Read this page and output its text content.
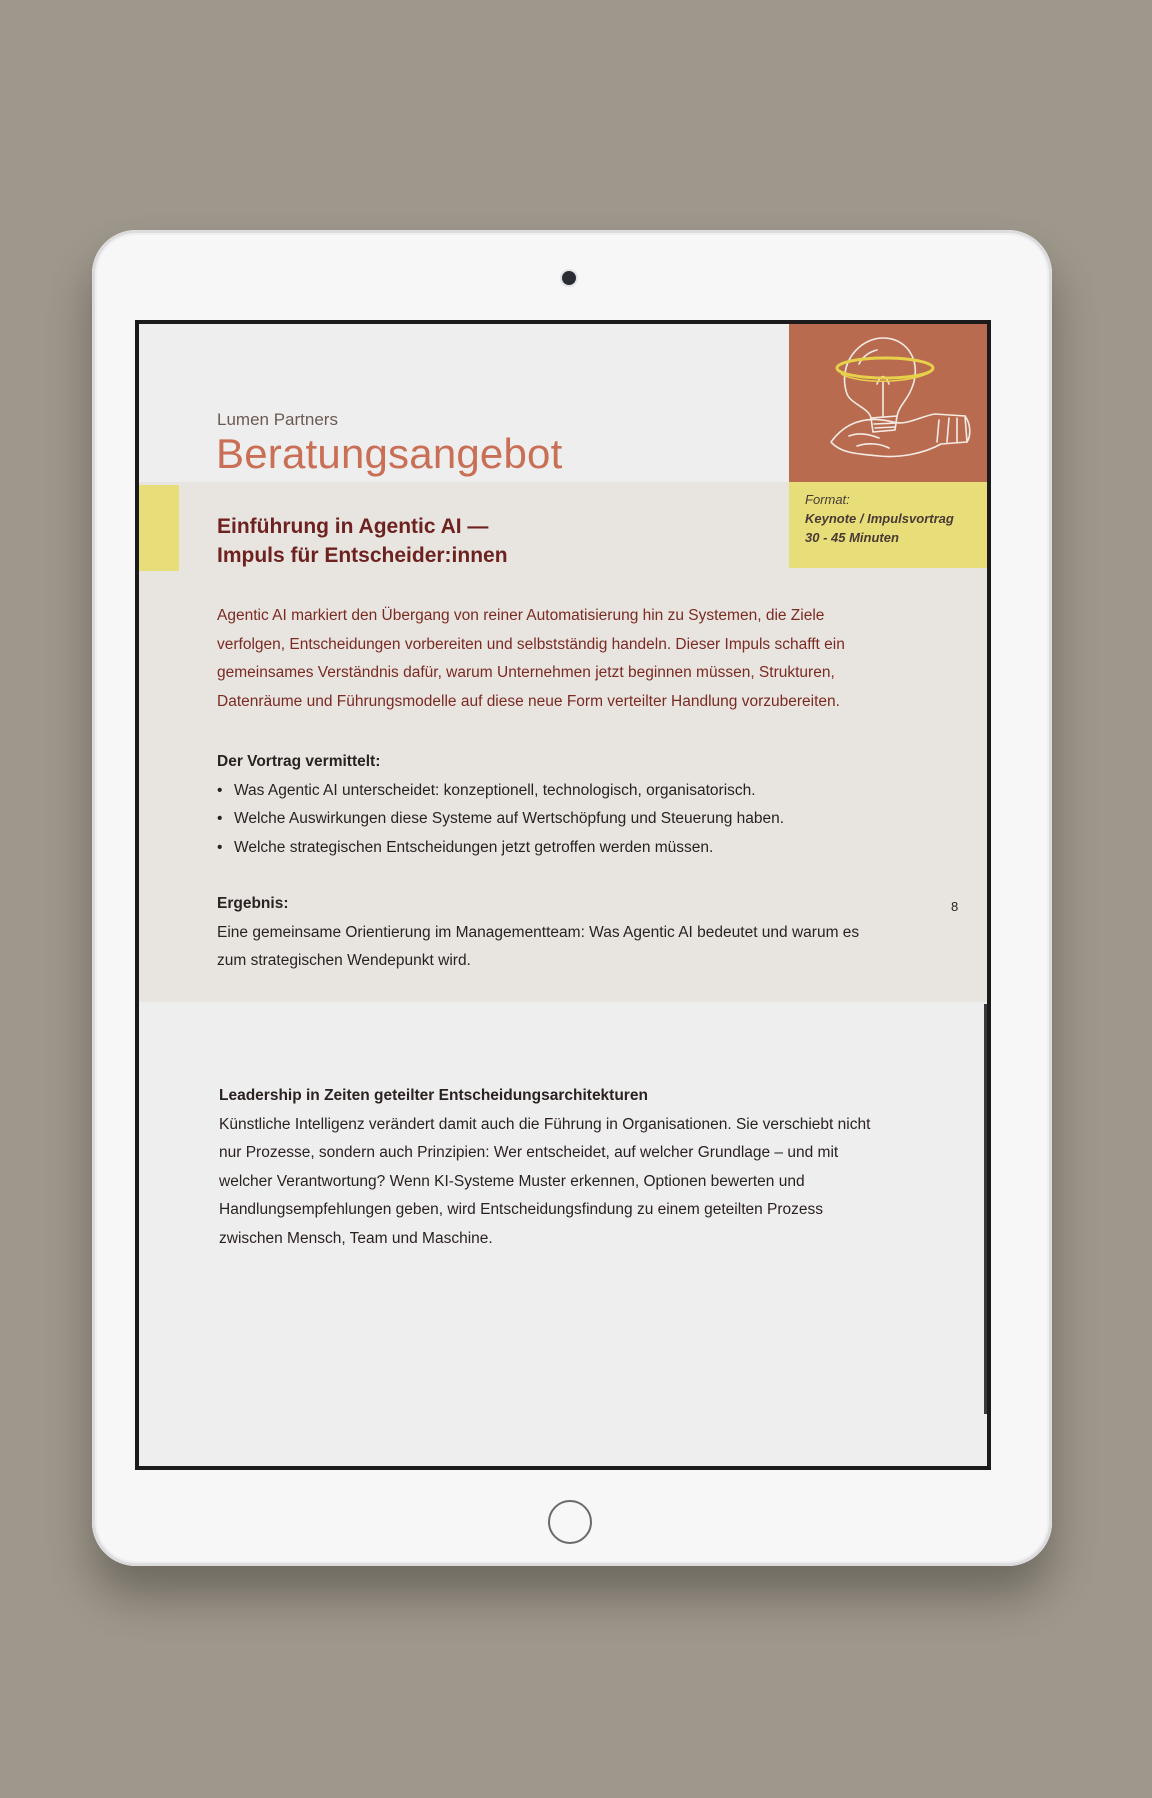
Lumen Partners
Beratungsangebot
Format:
Keynote / Impulsvortrag
30 - 45 Minuten
Einführung in Agentic AI —
Impuls für Entscheider:innen
Agentic AI markiert den Übergang von reiner Automatisierung hin zu Systemen, die Ziele verfolgen, Entscheidungen vorbereiten und selbstständig handeln. Dieser Impuls schafft ein gemeinsames Verständnis dafür, warum Unternehmen jetzt beginnen müssen, Strukturen, Datenräume und Führungsmodelle auf diese neue Form verteilter Handlung vorzubereiten.
Der Vortrag vermittelt:
• Was Agentic AI unterscheidet: konzeptionell, technologisch, organisatorisch.
• Welche Auswirkungen diese Systeme auf Wertschöpfung und Steuerung haben.
• Welche strategischen Entscheidungen jetzt getroffen werden müssen.
Ergebnis:
Eine gemeinsame Orientierung im Managementteam: Was Agentic AI bedeutet und warum es zum strategischen Wendepunkt wird.
8
Leadership in Zeiten geteilter Entscheidungsarchitekturen
Künstliche Intelligenz verändert damit auch die Führung in Organisationen. Sie verschiebt nicht nur Prozesse, sondern auch Prinzipien: Wer entscheidet, auf welcher Grundlage – und mit welcher Verantwortung? Wenn KI-Systeme Muster erkennen, Optionen bewerten und Handlungsempfehlungen geben, wird Entscheidungsfindung zu einem geteilten Prozess zwischen Mensch, Team und Maschine.
